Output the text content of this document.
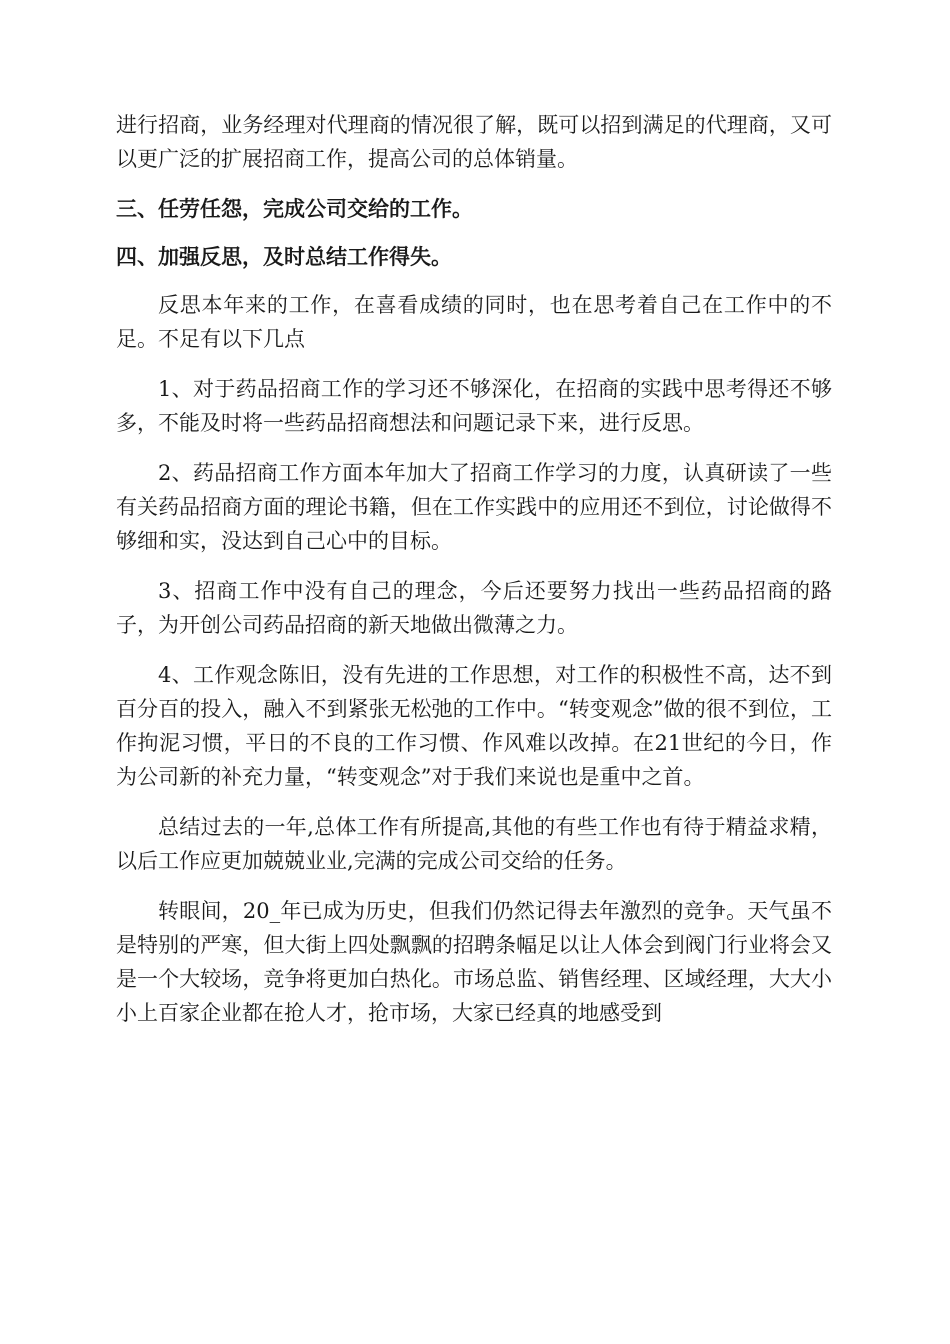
进行招商，业务经理对代理商的情况很了解，既可以招到满足的代理商，又可以更广泛的扩展招商工作，提高公司的总体销量。

三、任劳任怨，完成公司交给的工作。

四、加强反思，及时总结工作得失。

反思本年来的工作，在喜看成绩的同时，也在思考着自己在工作中的不足。不足有以下几点

1、对于药品招商工作的学习还不够深化，在招商的实践中思考得还不够多，不能及时将一些药品招商想法和问题记录下来，进行反思。

2、药品招商工作方面本年加大了招商工作学习的力度，认真研读了一些有关药品招商方面的理论书籍，但在工作实践中的应用还不到位，讨论做得不够细和实，没达到自己心中的目标。

3、招商工作中没有自己的理念，今后还要努力找出一些药品招商的路子，为开创公司药品招商的新天地做出微薄之力。

4、工作观念陈旧，没有先进的工作思想，对工作的积极性不高，达不到百分百的投入，融入不到紧张无松弛的工作中。“转变观念”做的很不到位，工作拘泥习惯，平日的不良的工作习惯、作风难以改掉。在21世纪的今日，作为公司新的补充力量，“转变观念”对于我们来说也是重中之首。

总结过去的一年,总体工作有所提高,其他的有些工作也有待于精益求精，以后工作应更加兢兢业业,完满的完成公司交给的任务。

转眼间，20_年已成为历史，但我们仍然记得去年激烈的竞争。天气虽不是特别的严寒，但大街上四处飘飘的招聘条幅足以让人体会到阀门行业将会又是一个大较场，竞争将更加白热化。市场总监、销售经理、区域经理，大大小小上百家企业都在抢人才，抢市场，大家已经真的地感受到
